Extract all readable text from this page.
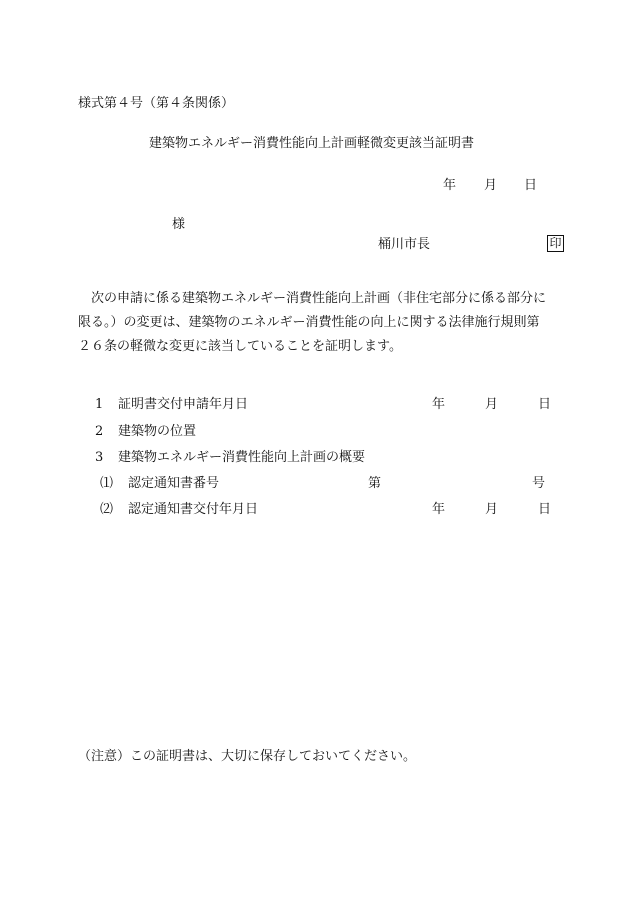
様式第４号（第４条関係）
建築物エネルギー消費性能向上計画軽微変更該当証明書
年 月 日
様
桶川市長	印
　次の申請に係る建築物エネルギー消費性能向上計画（非住宅部分に係る部分に
限る。）の変更は、建築物のエネルギー消費性能の向上に関する法律施行規則第
２６条の軽微な変更に該当していることを証明します。
1 証明書交付申請年月日	年	月	日
2 建築物の位置
3 建築物エネルギー消費性能向上計画の概要
⑴ 認定通知書番号	第	号
⑵ 認定通知書交付年月日	年	月	日
（注意）この証明書は、大切に保存しておいてください。
